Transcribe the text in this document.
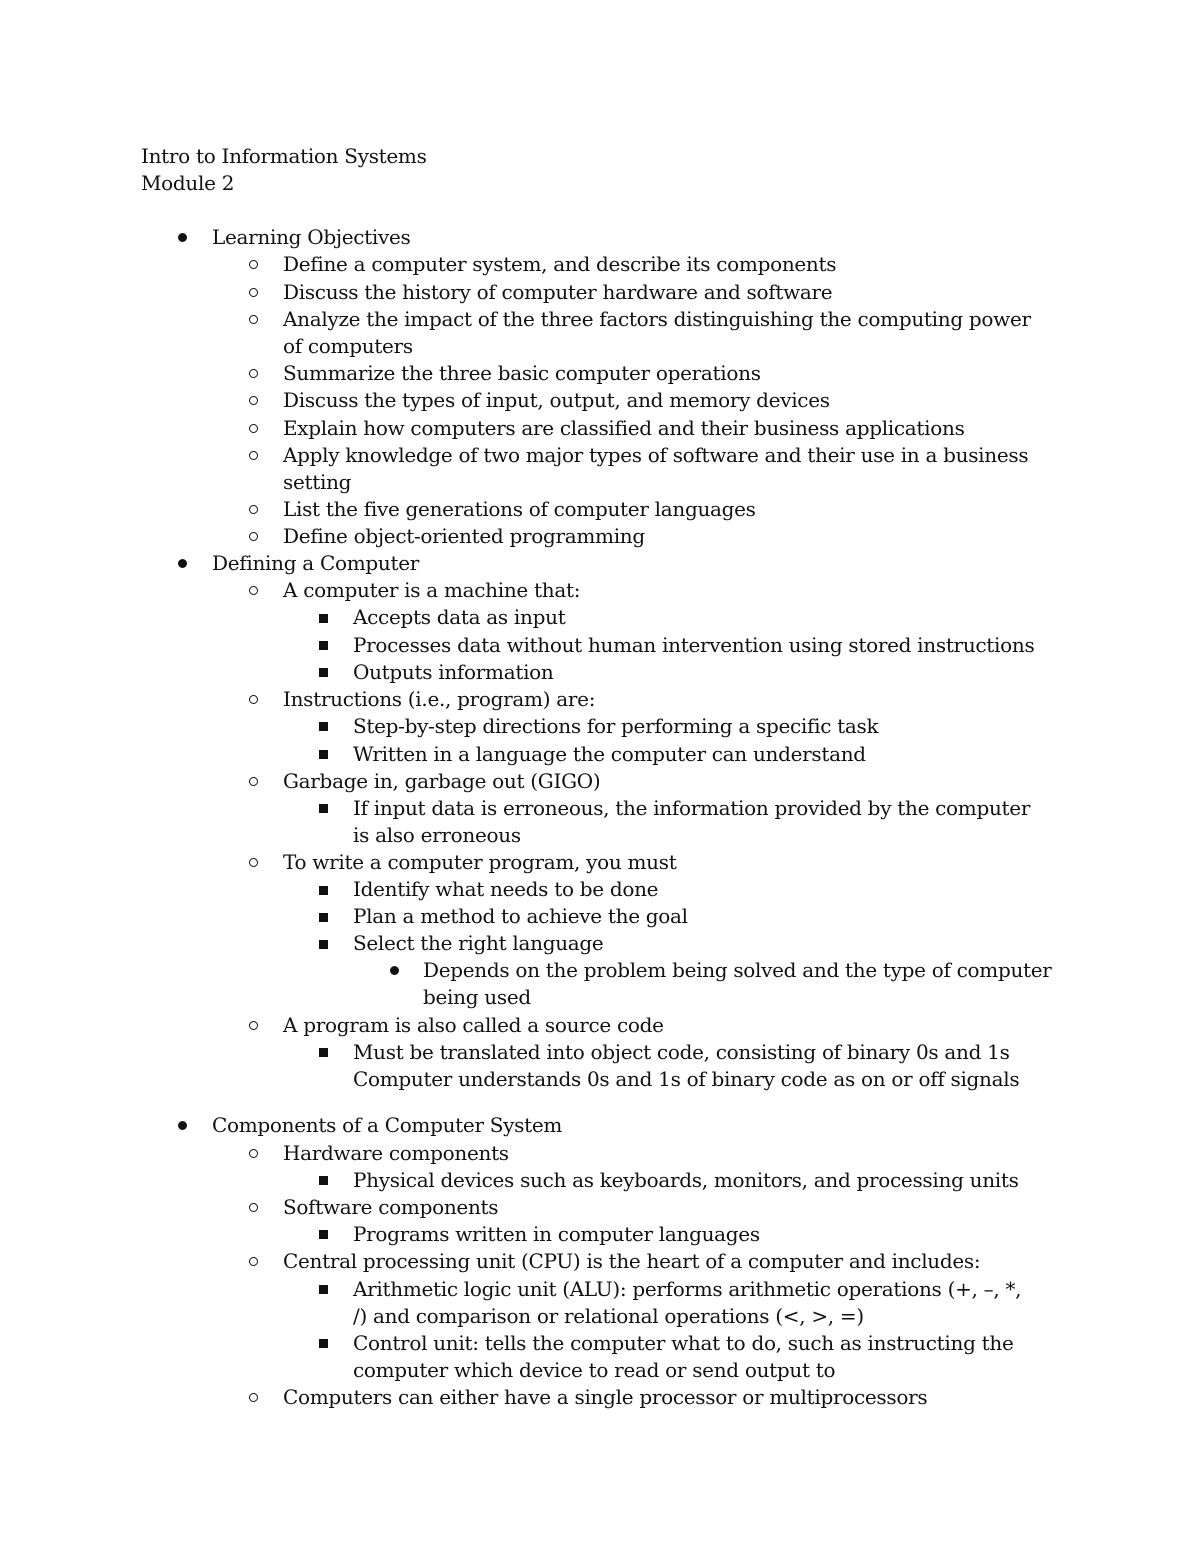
Intro to Information Systems
Module 2
Learning Objectives
Define a computer system, and describe its components
Discuss the history of computer hardware and software
Analyze the impact of the three factors distinguishing the computing power
of computers
Summarize the three basic computer operations
Discuss the types of input, output, and memory devices
Explain how computers are classified and their business applications
Apply knowledge of two major types of software and their use in a business
setting
List the five generations of computer languages
Define object-oriented programming
Defining a Computer
A computer is a machine that:
Accepts data as input
Processes data without human intervention using stored instructions
Outputs information
Instructions (i.e., program) are:
Step-by-step directions for performing a specific task
Written in a language the computer can understand
Garbage in, garbage out (GIGO)
If input data is erroneous, the information provided by the computer
is also erroneous
To write a computer program, you must
Identify what needs to be done
Plan a method to achieve the goal
Select the right language
Depends on the problem being solved and the type of computer
being used
A program is also called a source code
Must be translated into object code, consisting of binary 0s and 1s
Computer understands 0s and 1s of binary code as on or off signals
Components of a Computer System
Hardware components
Physical devices such as keyboards, monitors, and processing units
Software components
Programs written in computer languages
Central processing unit (CPU) is the heart of a computer and includes:
Arithmetic logic unit (ALU): performs arithmetic operations (+, –, *,
/) and comparison or relational operations (<, >, =)
Control unit: tells the computer what to do, such as instructing the
computer which device to read or send output to
Computers can either have a single processor or multiprocessors
